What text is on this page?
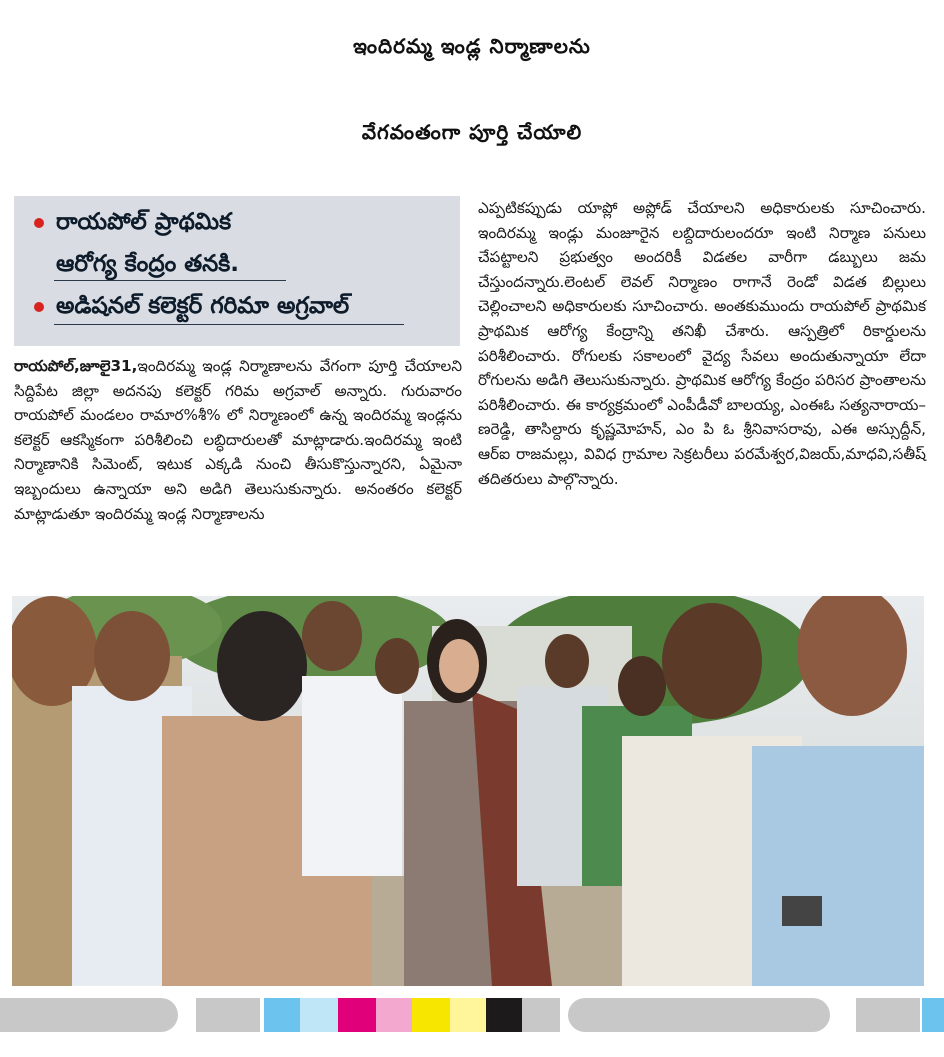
ఇందిరమ్మ ఇండ్ల నిర్మాణాలను
వేగవంతంగా పూర్తి చేయాలి
రాయపోల్ ప్రాథమిక
ఆరోగ్య కేంద్రం తనకి.
అడిషనల్ కలెక్టర్ గరిమా అగ్రవాల్
రాయపోల్,జూలై31,ఇందిరమ్మ ఇండ్ల నిర్మాణాలను వేగంగా పూర్తి చేయాలని సిద్దిపేట జిల్లా అదనపు కలెక్టర్ గరిమ అగ్రవాల్ అన్నారు. గురువారం రాయపోల్ మండలం రామార%శీ% లో నిర్మాణంలో ఉన్న ఇందిరమ్మ ఇండ్లను కలెక్టర్ ఆకస్మికంగా పరిశీలించి లబ్ధిదారులతో మాట్లాడారు.ఇందిరమ్మ ఇంటి నిర్మాణానికి సిమెంట్, ఇటుక ఎక్కడి నుంచి తీసుకొస్తున్నారని, ఏమైనా ఇబ్బందులు ఉన్నాయా అని అడిగి తెలుసుకున్నారు. అనంతరం కలెక్టర్ మాట్లాడుతూ ఇందిరమ్మ ఇండ్ల నిర్మాణాలను
ఎప్పటికప్పుడు యాప్లో అప్లోడ్ చేయాలని అధికారులకు సూచించారు. ఇందిరమ్మ ఇండ్లు మంజూరైన లబ్దిదారులందరూ ఇంటి నిర్మాణ పనులు చేపట్టాలని ప్రభుత్వం అందరికీ విడతల వారీగా డబ్బులు జమ చేస్తుందన్నారు.లెంటల్ లెవల్ నిర్మాణం రాగానే రెండో విడత బిల్లులు చెల్లించాలని అధికారులకు సూచించారు. అంతకుముందు రాయపోల్ ప్రాథమిక ప్రాథమిక ఆరోగ్య కేంద్రాన్ని తనిఖీ చేశారు. ఆస్పత్రిలో రికార్డులను పరిశీలించారు. రోగులకు సకాలంలో వైద్య సేవలు అందుతున్నాయా లేదా రోగులను అడిగి తెలుసుకున్నారు. ప్రాథమిక ఆరోగ్య కేంద్రం పరిసర ప్రాంతాలను పరిశీలించారు. ఈ కార్యక్రమంలో ఎంపీడీవో బాలయ్య, ఎంఈఓ సత్యనారాయ–ణరెడ్డి, తాసిల్దారు కృష్ణమోహన్, ఎం పి ఓ శ్రీనివాసరావు, ఎఈ అస్సుద్దీన్, ఆర్ఐ రాజమల్లు, వివిధ గ్రామాల సెక్రటరీలు పరమేశ్వర,విజయ్,మాధవి,సతీష్ తదితరులు పాల్గొన్నారు.
